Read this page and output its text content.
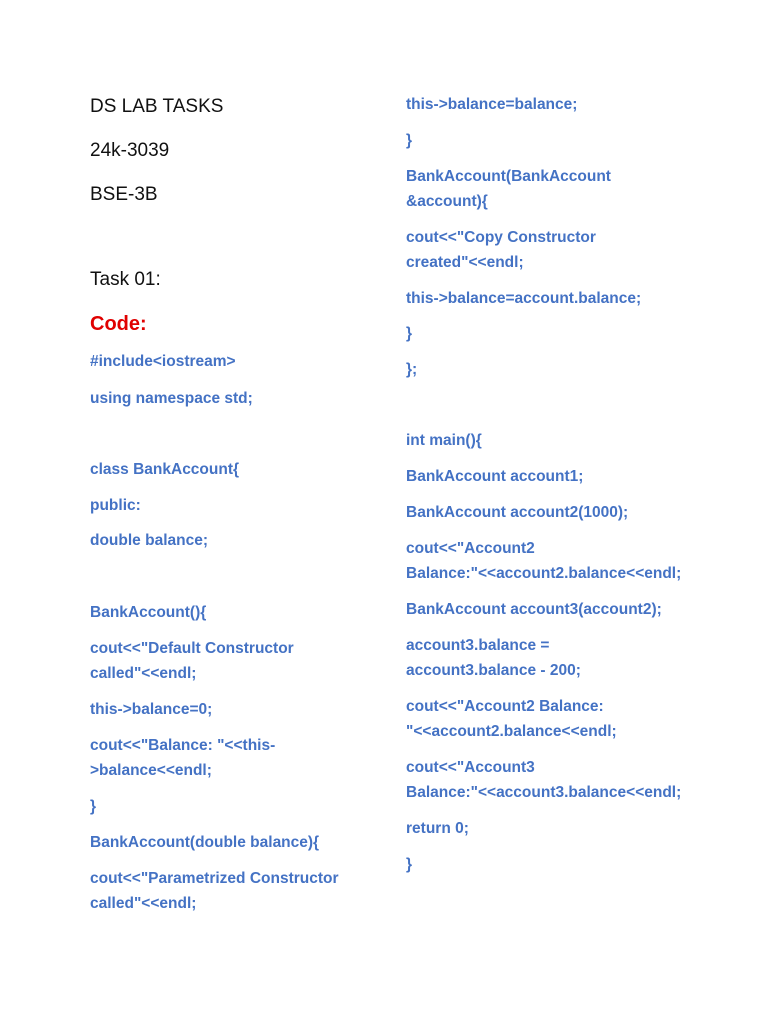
DS LAB TASKS
24k-3039
BSE-3B
Task 01:
Code:
#include<iostream>
using namespace std;
class BankAccount{
public:
double balance;
BankAccount(){
cout<<"Default Constructor
called"<<endl;
this->balance=0;
cout<<"Balance: "<<this-
>balance<<endl;
}
BankAccount(double balance){
cout<<"Parametrized Constructor
called"<<endl;
this->balance=balance;
}
BankAccount(BankAccount
&account){
cout<<"Copy Constructor
created"<<endl;
this->balance=account.balance;
}
};
int main(){
BankAccount account1;
BankAccount account2(1000);
cout<<"Account2
Balance:"<<account2.balance<<endl;
BankAccount account3(account2);
account3.balance =
account3.balance - 200;
cout<<"Account2 Balance:
"<<account2.balance<<endl;
cout<<"Account3
Balance:"<<account3.balance<<endl;
return 0;
}
